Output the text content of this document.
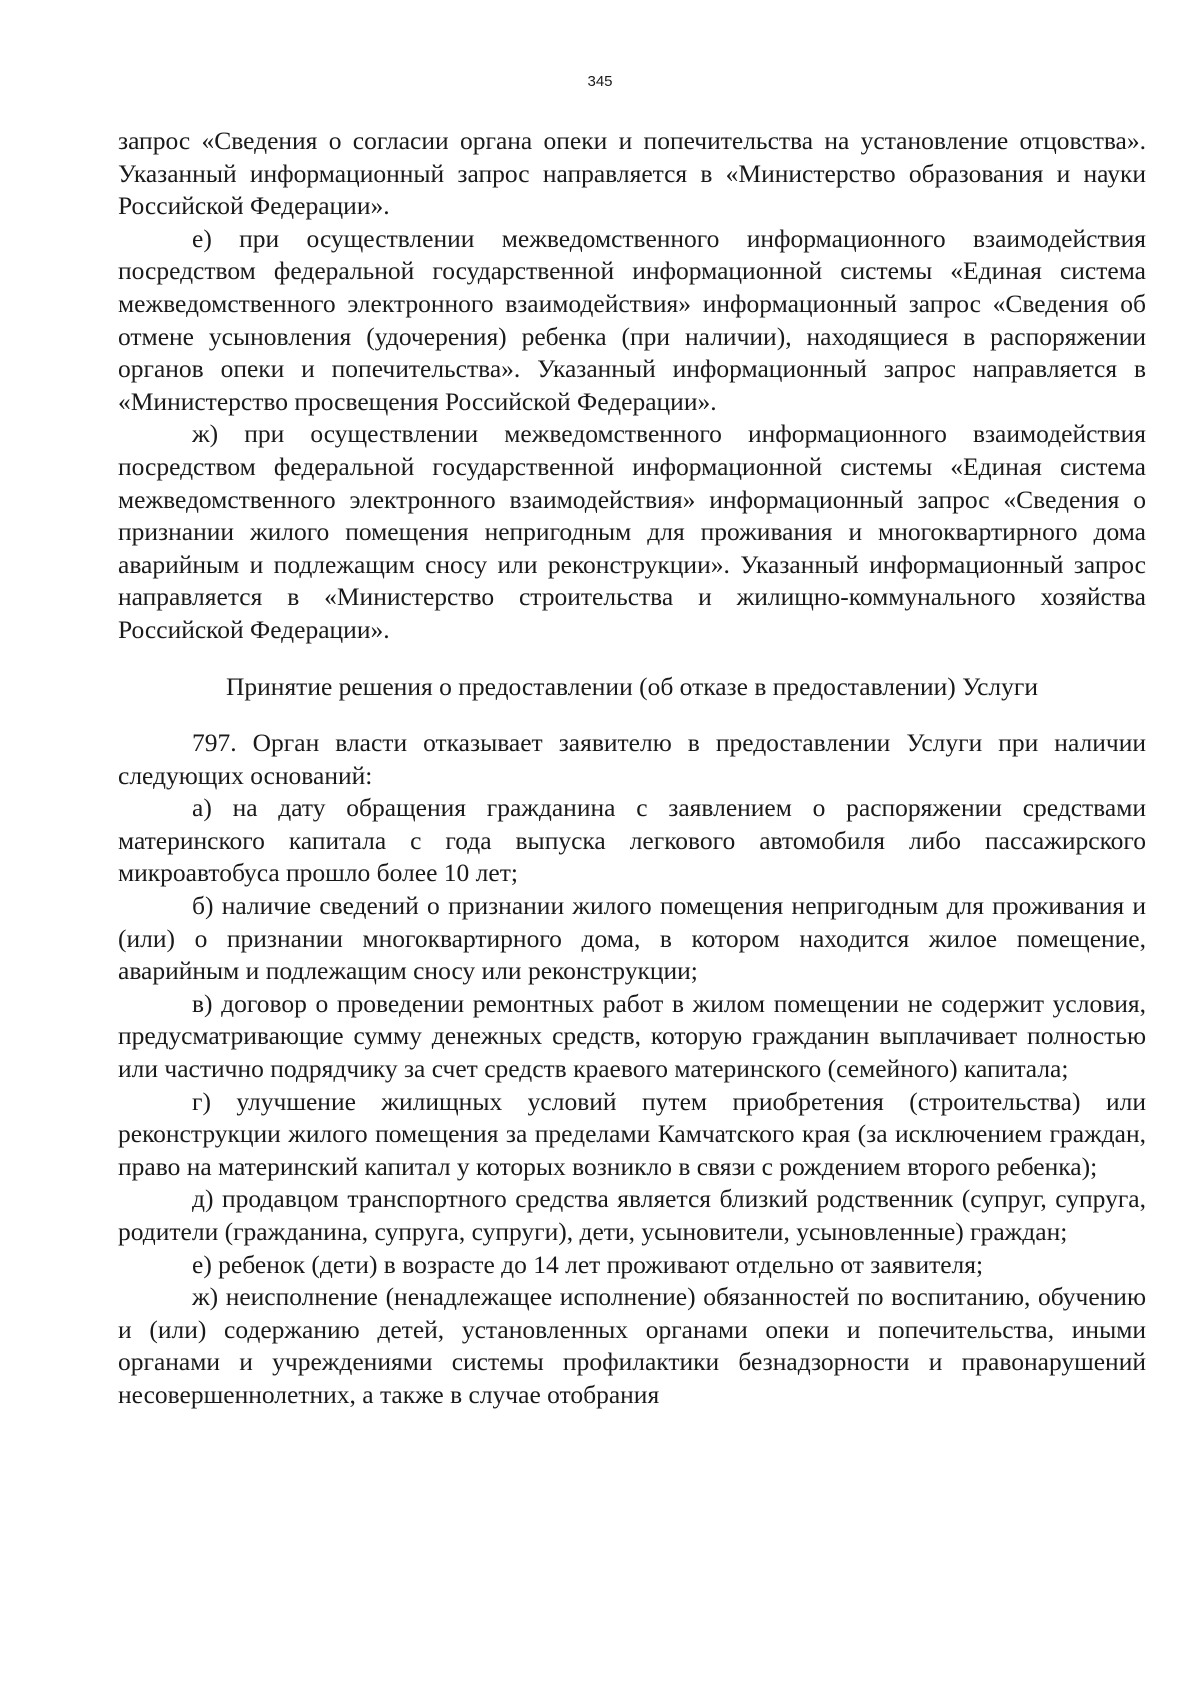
345

запрос «Сведения о согласии органа опеки и попечительства на установление отцовства». Указанный информационный запрос направляется в «Министерство образования и науки Российской Федерации».

е) при осуществлении межведомственного информационного взаимодействия посредством федеральной государственной информационной системы «Единая система межведомственного электронного взаимодействия» информационный запрос «Сведения об отмене усыновления (удочерения) ребенка (при наличии), находящиеся в распоряжении органов опеки и попечительства». Указанный информационный запрос направляется в «Министерство просвещения Российской Федерации».

ж) при осуществлении межведомственного информационного взаимодействия посредством федеральной государственной информационной системы «Единая система межведомственного электронного взаимодействия» информационный запрос «Сведения о признании жилого помещения непригодным для проживания и многоквартирного дома аварийным и подлежащим сносу или реконструкции». Указанный информационный запрос направляется в «Министерство строительства и жилищно-коммунального хозяйства Российской Федерации».

Принятие решения о предоставлении (об отказе в предоставлении) Услуги

797. Орган власти отказывает заявителю в предоставлении Услуги при наличии следующих оснований:

а) на дату обращения гражданина с заявлением о распоряжении средствами материнского капитала с года выпуска легкового автомобиля либо пассажирского микроавтобуса прошло более 10 лет;

б) наличие сведений о признании жилого помещения непригодным для проживания и (или) о признании многоквартирного дома, в котором находится жилое помещение, аварийным и подлежащим сносу или реконструкции;

в) договор о проведении ремонтных работ в жилом помещении не содержит условия, предусматривающие сумму денежных средств, которую гражданин выплачивает полностью или частично подрядчику за счет средств краевого материнского (семейного) капитала;

г) улучшение жилищных условий путем приобретения (строительства) или реконструкции жилого помещения за пределами Камчатского края (за исключением граждан, право на материнский капитал у которых возникло в связи с рождением второго ребенка);

д) продавцом транспортного средства является близкий родственник (супруг, супруга, родители (гражданина, супруга, супруги), дети, усыновители, усыновленные) граждан;

е) ребенок (дети) в возрасте до 14 лет проживают отдельно от заявителя;

ж) неисполнение (ненадлежащее исполнение) обязанностей по воспитанию, обучению и (или) содержанию детей, установленных органами опеки и попечительства, иными органами и учреждениями системы профилактики безнадзорности и правонарушений несовершеннолетних, а также в случае отобрания
